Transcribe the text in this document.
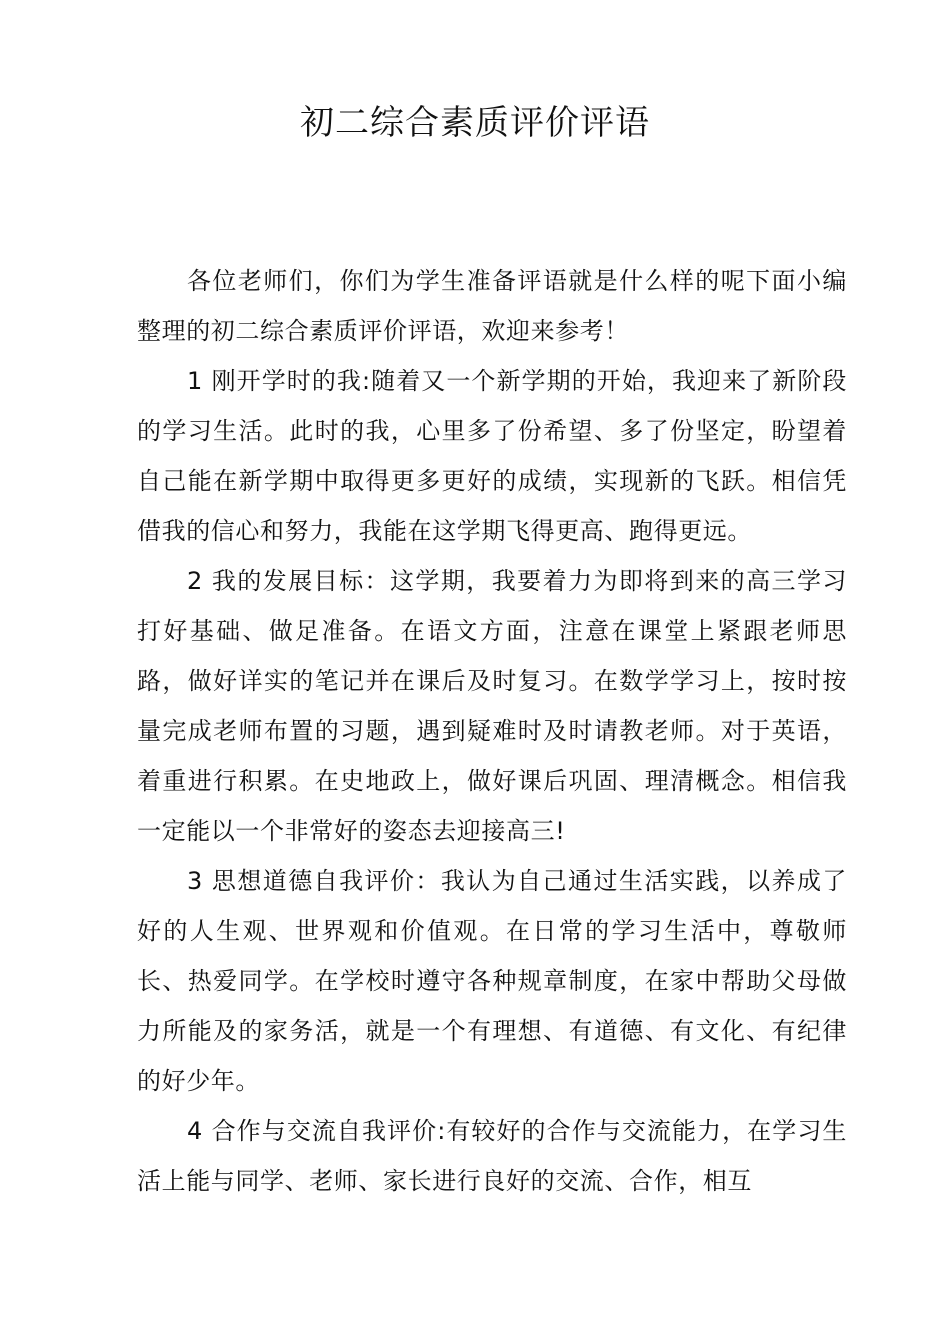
初二综合素质评价评语

各位老师们，你们为学生准备评语就是什么样的呢下面小编整理的初二综合素质评价评语，欢迎来参考！

1 刚开学时的我:随着又一个新学期的开始，我迎来了新阶段的学习生活。此时的我，心里多了份希望、多了份坚定，盼望着自己能在新学期中取得更多更好的成绩，实现新的飞跃。相信凭借我的信心和努力，我能在这学期飞得更高、跑得更远。

2 我的发展目标：这学期，我要着力为即将到来的高三学习打好基础、做足准备。在语文方面，注意在课堂上紧跟老师思路，做好详实的笔记并在课后及时复习。在数学学习上，按时按量完成老师布置的习题，遇到疑难时及时请教老师。对于英语，着重进行积累。在史地政上，做好课后巩固、理清概念。相信我一定能以一个非常好的姿态去迎接高三!

3 思想道德自我评价：我认为自己通过生活实践，以养成了好的人生观、世界观和价值观。在日常的学习生活中，尊敬师长、热爱同学。在学校时遵守各种规章制度，在家中帮助父母做力所能及的家务活，就是一个有理想、有道德、有文化、有纪律的好少年。

4 合作与交流自我评价:有较好的合作与交流能力，在学习生活上能与同学、老师、家长进行良好的交流、合作，相互
